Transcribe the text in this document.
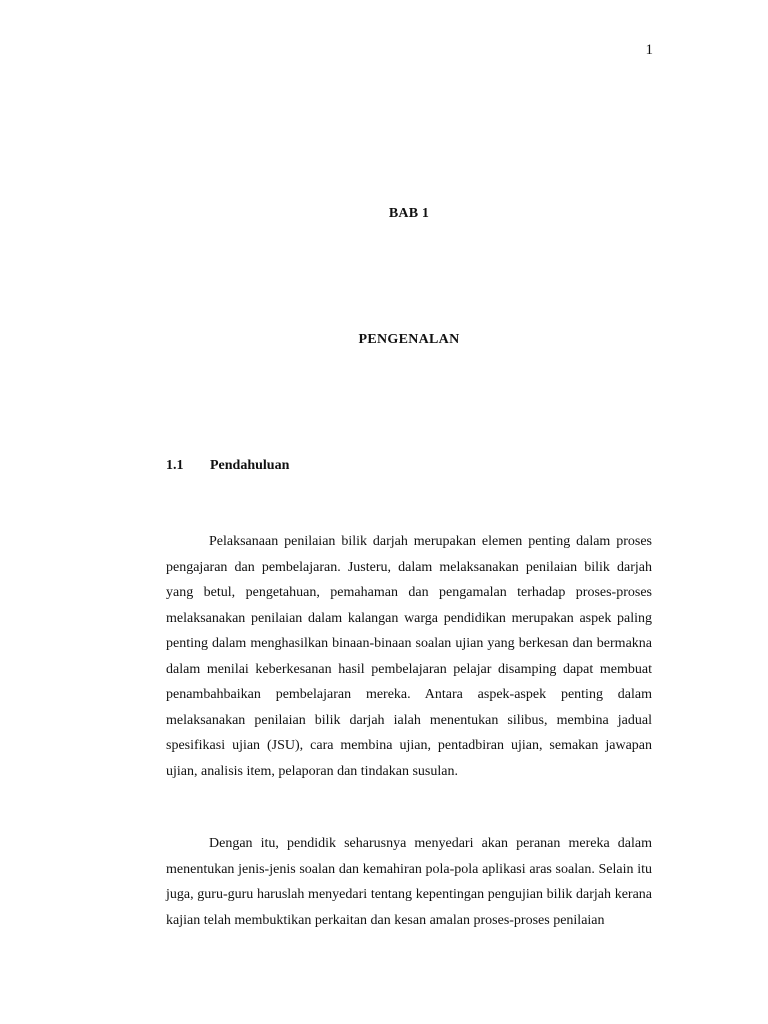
1
BAB 1
PENGENALAN
1.1 Pendahuluan

Pelaksanaan penilaian bilik darjah merupakan elemen penting dalam proses pengajaran dan pembelajaran. Justeru, dalam melaksanakan penilaian bilik darjah yang betul, pengetahuan, pemahaman dan pengamalan terhadap proses-proses melaksanakan penilaian dalam kalangan warga pendidikan merupakan aspek paling penting dalam menghasilkan binaan-binaan soalan ujian yang berkesan dan bermakna dalam menilai keberkesanan hasil pembelajaran pelajar disamping dapat membuat penambahbaikan pembelajaran mereka. Antara aspek-aspek penting dalam melaksanakan penilaian bilik darjah ialah menentukan silibus, membina jadual spesifikasi ujian (JSU), cara membina ujian, pentadbiran ujian, semakan jawapan ujian, analisis item, pelaporan dan tindakan susulan.

Dengan itu, pendidik seharusnya menyedari akan peranan mereka dalam menentukan jenis-jenis soalan dan kemahiran pola-pola aplikasi aras soalan. Selain itu juga, guru-guru haruslah menyedari tentang kepentingan pengujian bilik darjah kerana kajian telah membuktikan perkaitan dan kesan amalan proses-proses penilaian
